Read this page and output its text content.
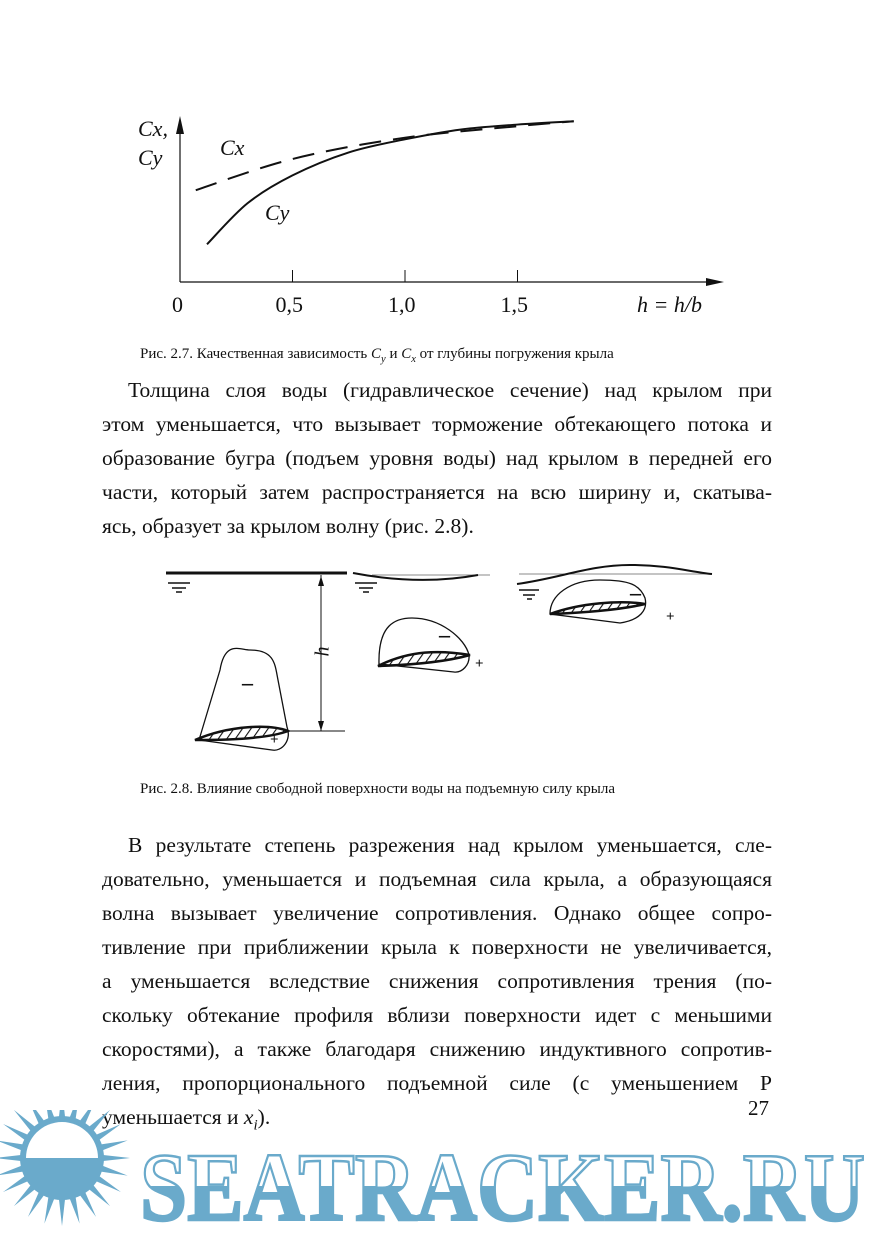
Cx,
Cy	Cx
Cy
0	0,5	1,0	1,5	h = h/b
Рис. 2.7. Качественная зависимость $C_y$ и $C_x$ от глубины погружения крыла
Толщина слоя воды (гидравлическое сечение) над крылом при
этом уменьшается, что вызывает торможение обтекающего потока и
образование бугра (подъем уровня воды) над крылом в передней его
части, который затем распространяется на всю ширину и, скатыва-
ясь, образует за крылом волну (рис. 2.8).
h
–
+
–
+
–
+
Рис. 2.8. Влияние свободной поверхности воды на подъемную силу крыла
В результате степень разрежения над крылом уменьшается, сле-
довательно, уменьшается и подъемная сила крыла, а образующаяся
волна вызывает увеличение сопротивления. Однако общее сопро-
тивление при приближении крыла к поверхности не увеличивается,
а уменьшается вследствие снижения сопротивления трения (по-
скольку обтекание профиля вблизи поверхности идет с меньшими
скоростями), а также благодаря снижению индуктивного сопротив-
ления, пропорционального подъемной силе (с уменьшением P
уменьшается и $x_i$).	27
SEATRACKER.RU
